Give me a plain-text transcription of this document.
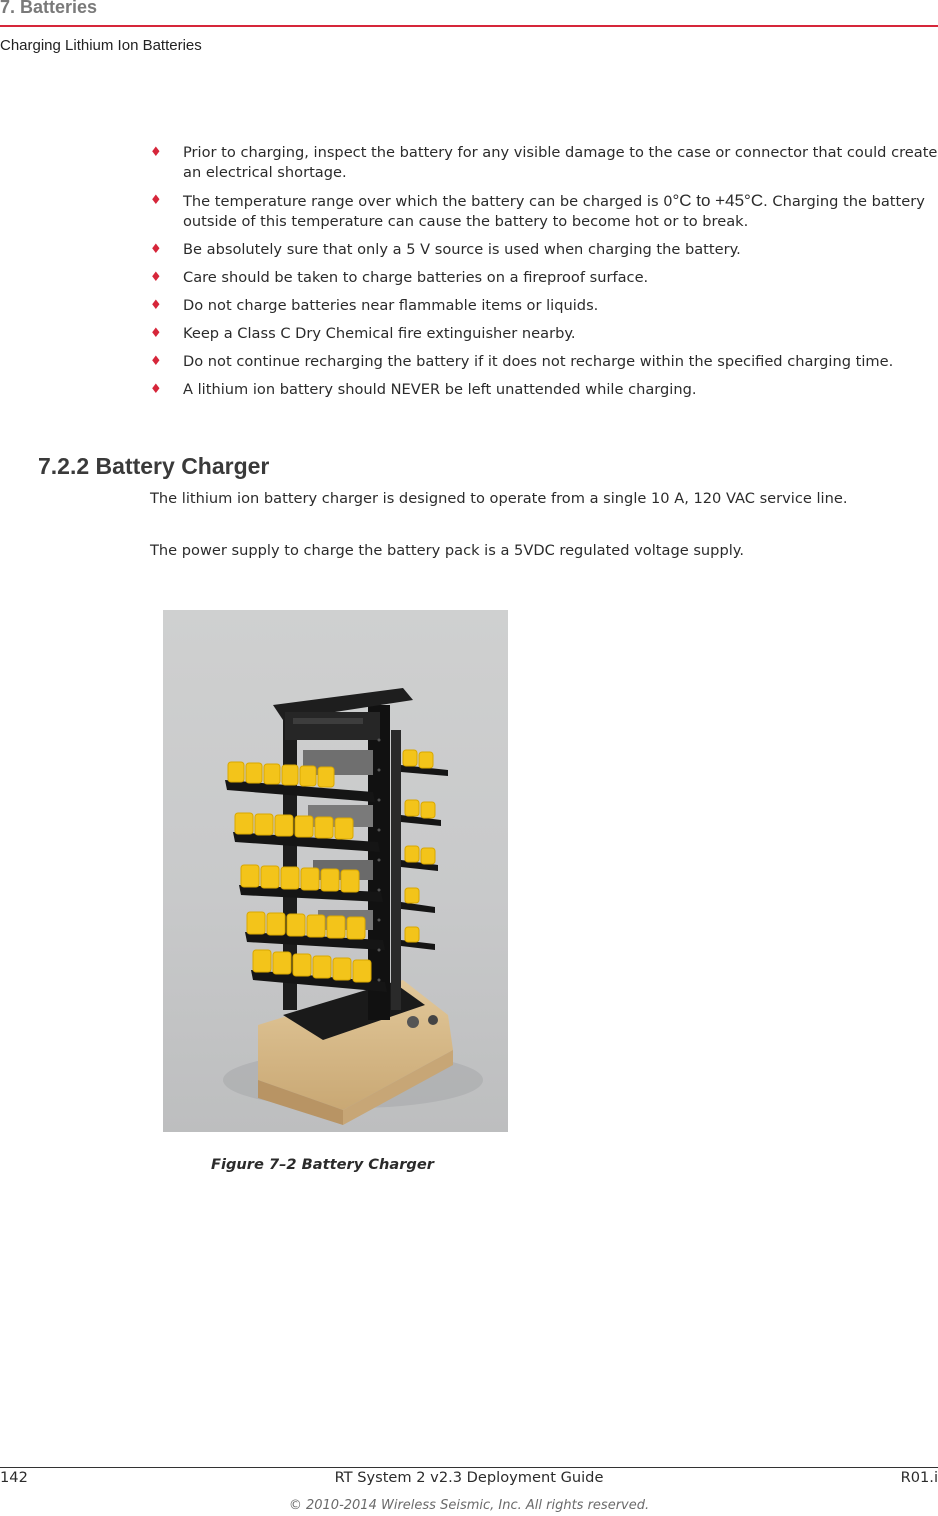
7. Batteries
Charging Lithium Ion Batteries
♦ Prior to charging, inspect the battery for any visible damage to the case or connector that could create an electrical shortage.
♦ The temperature range over which the battery can be charged is 0°C to +45°C. Charging the battery outside of this temperature can cause the battery to become hot or to break.
♦ Be absolutely sure that only a 5 V source is used when charging the battery.
♦ Care should be taken to charge batteries on a fireproof surface.
♦ Do not charge batteries near flammable items or liquids.
♦ Keep a Class C Dry Chemical fire extinguisher nearby.
♦ Do not continue recharging the battery if it does not recharge within the specified charging time.
♦ A lithium ion battery should NEVER be left unattended while charging.
7.2.2 Battery Charger

The lithium ion battery charger is designed to operate from a single 10 A, 120 VAC service line.

The power supply to charge the battery pack is a 5VDC regulated voltage supply.

Figure 7–2 Battery Charger
142	RT System 2 v2.3 Deployment Guide	R01.i
© 2010-2014 Wireless Seismic, Inc. All rights reserved.
